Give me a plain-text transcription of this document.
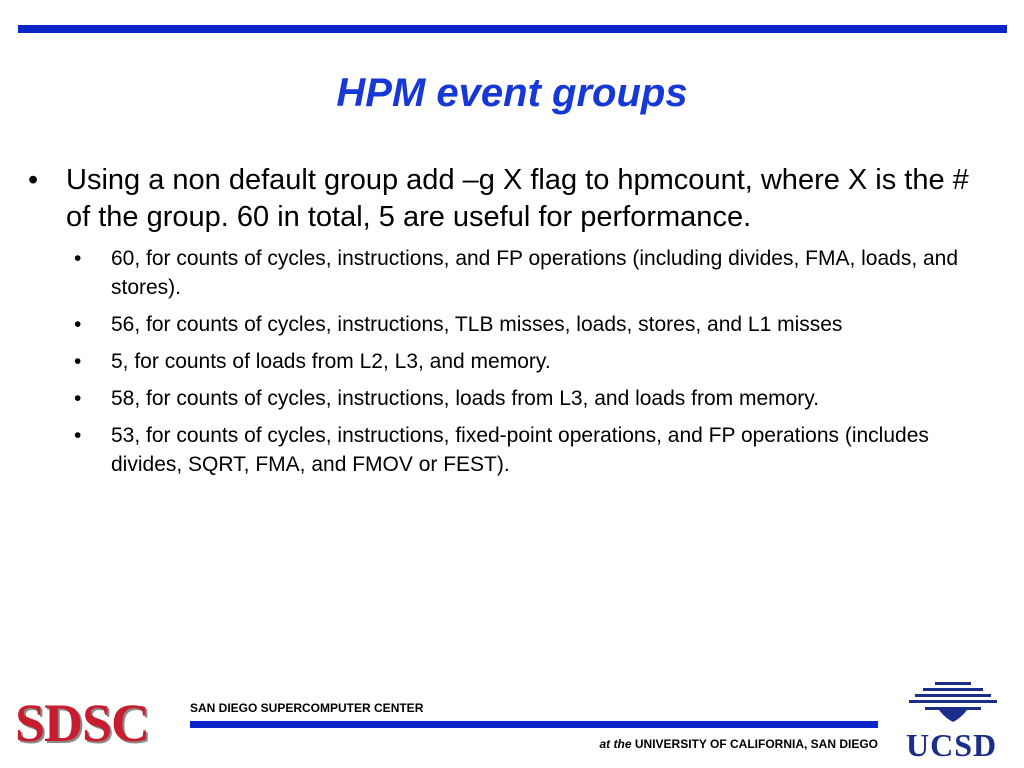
HPM event groups
• Using a non default group add –g X flag to hpmcount, where X is the # of the group. 60 in total, 5 are useful for performance.
•	60, for counts of cycles, instructions, and FP operations (including divides, FMA, loads, and stores).
•	56, for counts of cycles, instructions, TLB misses, loads, stores, and L1 misses
•	5, for counts of loads from L2, L3, and memory.
•	58, for counts of cycles, instructions, loads from L3, and loads from memory.
•	53, for counts of cycles, instructions, fixed-point operations, and FP operations (includes divides, SQRT, FMA, and FMOV or FEST).
SDSC	SAN DIEGO SUPERCOMPUTER CENTER
at the UNIVERSITY OF CALIFORNIA, SAN DIEGO UCSD
